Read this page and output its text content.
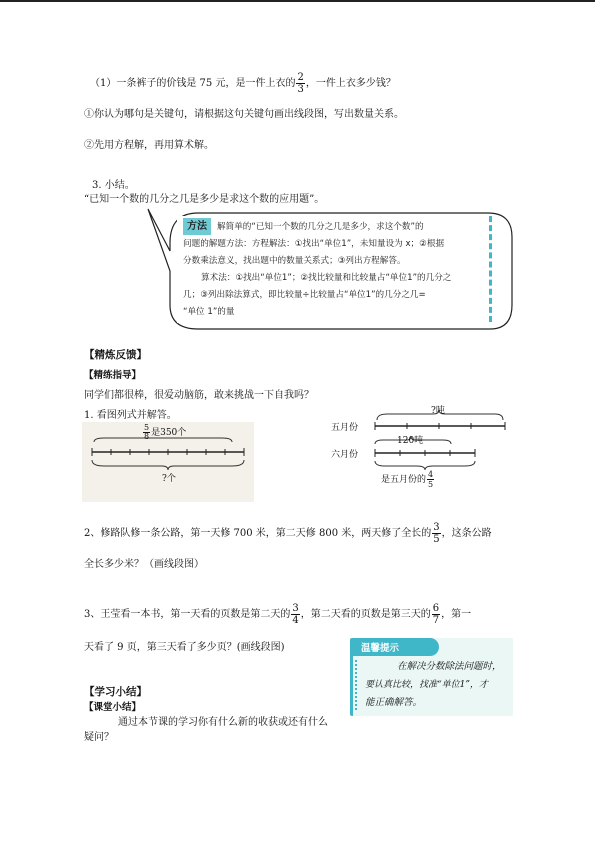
（1）一条裤子的价钱是 75 元，是一件上衣的 $\frac{2}{3}$ ，一件上衣多少钱？
①你认为哪句是关键句，请根据这句关键句画出线段图，写出数量关系。
②先用方程解，再用算术解。
3. 小结。
“已知一个数的几分之几是多少是求这个数的应用题”。
方法 解简单的“已知一个数的几分之几是多少，求这个数”的
问题的解题方法：方程解法：①找出“单位1”，未知量设为 x；②根据
分数乘法意义，找出题中的数量关系式；③列出方程解答。
算术法：①找出“单位1”；②找比较量和比较量占“单位1”的几分之
几；③列出除法算式，即比较量÷比较量占“单位1”的几分之几=
“单位 1”的量
【精炼反馈】
【精练指导】
同学们都很棒，很爱动脑筋，敢来挑战一下自我吗？
1. 看图列式并解答。
$\frac{5}{8}$ 是350个
?个
?吨
五月份
120吨
六月份
是五月份的 $\frac{4}{5}$
2、修路队修一条公路，第一天修 700 米，第二天修 800 米，两天修了全长的 $\frac{3}{5}$ ，这条公路
全长多少米？（画线段图）
3、王莹看一本书，第一天看的页数是第二天的 $\frac{3}{4}$ ，第二天看的页数是第三天的 $\frac{6}{7}$ ，第一
天看了 9 页，第三天看了多少页？(画线段图)	温馨提示
在解决分数除法问题时，
要认真比较，找准“单位1”，才
能正确解答。
【学习小结】
【课堂小结】
通过本节课的学习你有什么新的收获或还有什么
疑问？
